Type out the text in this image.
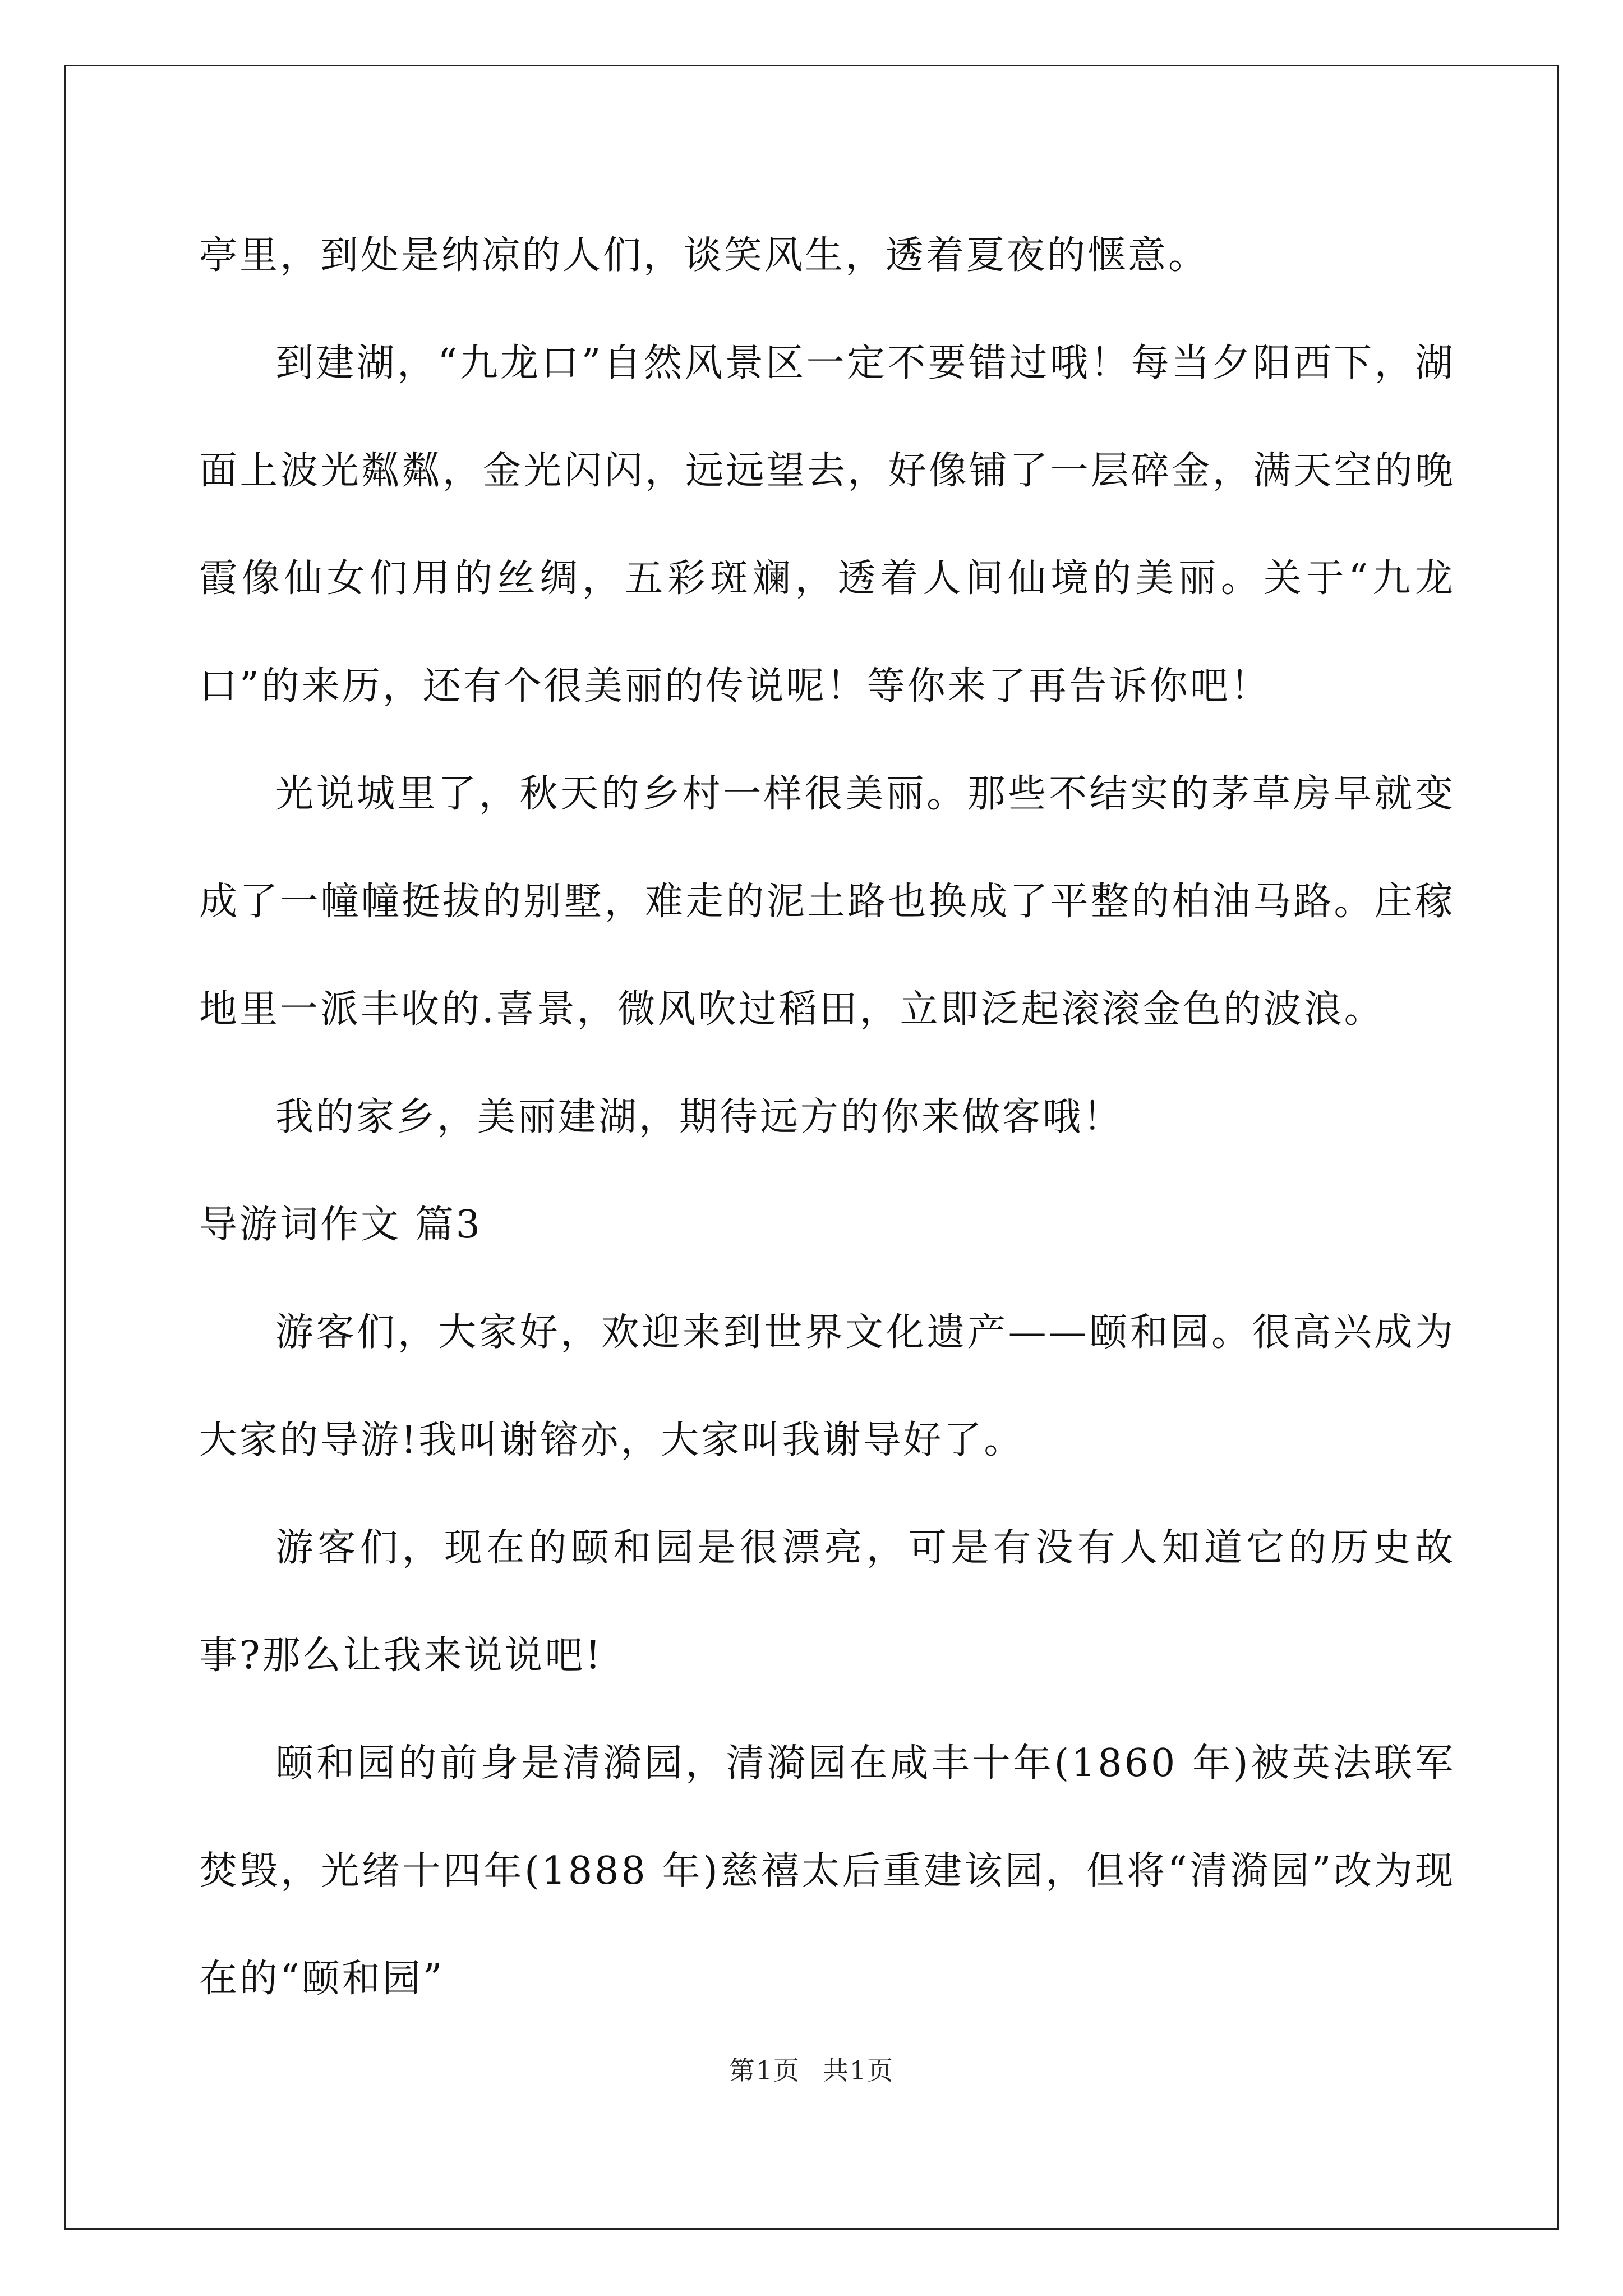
亭里，到处是纳凉的人们，谈笑风生，透着夏夜的惬意。

到建湖，“九龙口”自然风景区一定不要错过哦！每当夕阳西下，湖面上波光粼粼，金光闪闪，远远望去，好像铺了一层碎金，满天空的晚霞像仙女们用的丝绸，五彩斑斓，透着人间仙境的美丽。关于“九龙口”的来历，还有个很美丽的传说呢！等你来了再告诉你吧！

光说城里了，秋天的乡村一样很美丽。那些不结实的茅草房早就变成了一幢幢挺拔的别墅，难走的泥土路也换成了平整的柏油马路。庄稼地里一派丰收的.喜景，微风吹过稻田，立即泛起滚滚金色的波浪。

我的家乡，美丽建湖，期待远方的你来做客哦！

导游词作文 篇3

游客们，大家好，欢迎来到世界文化遗产——颐和园。很高兴成为大家的导游!我叫谢镕亦，大家叫我谢导好了。

游客们，现在的颐和园是很漂亮，可是有没有人知道它的历史故事?那么让我来说说吧!

颐和园的前身是清漪园，清漪园在咸丰十年(1860 年)被英法联军焚毁，光绪十四年(1888 年)慈禧太后重建该园，但将“清漪园”改为现在的“颐和园”

第1页 共1页
